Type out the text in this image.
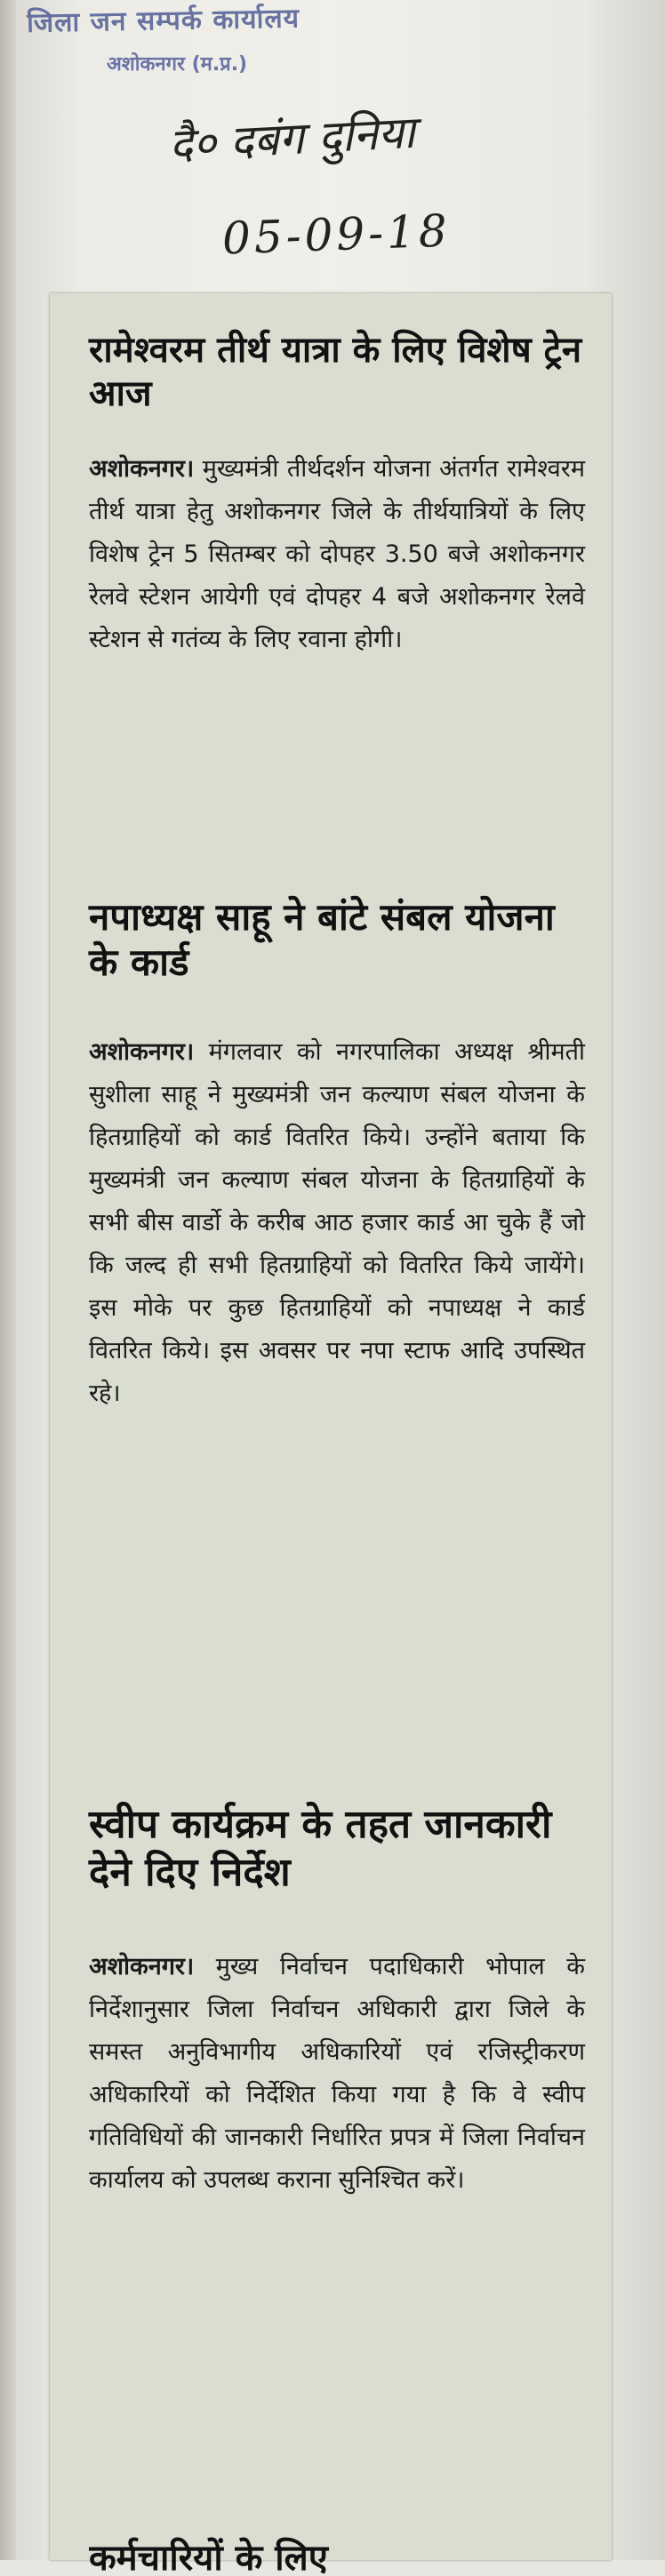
जिला जन सम्पर्क कार्यालय
अशोकनगर (म.प्र.)
दै० दबंग दुनिया
05-09-18
रामेश्वरम तीर्थ यात्रा के लिए विशेष ट्रेन आज

अशोकनगर। मुख्यमंत्री तीर्थदर्शन योजना अंतर्गत रामेश्वरम तीर्थ यात्रा हेतु अशोकनगर जिले के तीर्थयात्रियों के लिए विशेष ट्रेन 5 सितम्बर को दोपहर 3.50 बजे अशोकनगर रेलवे स्टेशन आयेगी एवं दोपहर 4 बजे अशोकनगर रेलवे स्टेशन से गतंव्य के लिए रवाना होगी।

नपाध्यक्ष साहू ने बांटे संबल योजना के कार्ड

अशोकनगर। मंगलवार को नगरपालिका अध्यक्ष श्रीमती सुशीला साहू ने मुख्यमंत्री जन कल्याण संबल योजना के हितग्राहियों को कार्ड वितरित किये। उन्होंने बताया कि मुख्यमंत्री जन कल्याण संबल योजना के हितग्राहियों के सभी बीस वार्डो के करीब आठ हजार कार्ड आ चुके हैं जो कि जल्द ही सभी हितग्राहियों को वितरित किये जायेंगे। इस मोके पर कुछ हितग्राहियों को नपाध्यक्ष ने कार्ड वितरित किये। इस अवसर पर नपा स्टाफ आदि उपस्थित रहे।

स्वीप कार्यक्रम के तहत जानकारी देने दिए निर्देश

अशोकनगर। मुख्य निर्वाचन पदाधिकारी भोपाल के निर्देशानुसार जिला निर्वाचन अधिकारी द्वारा जिले के समस्त अनुविभागीय अधिकारियों एवं रजिस्ट्रीकरण अधिकारियों को निर्देशित किया गया है कि वे स्वीप गतिविधियों की जानकारी निर्धारित प्रपत्र में जिला निर्वाचन कार्यालय को उपलब्ध कराना सुनिश्चित करें।

कर्मचारियों के लिए
